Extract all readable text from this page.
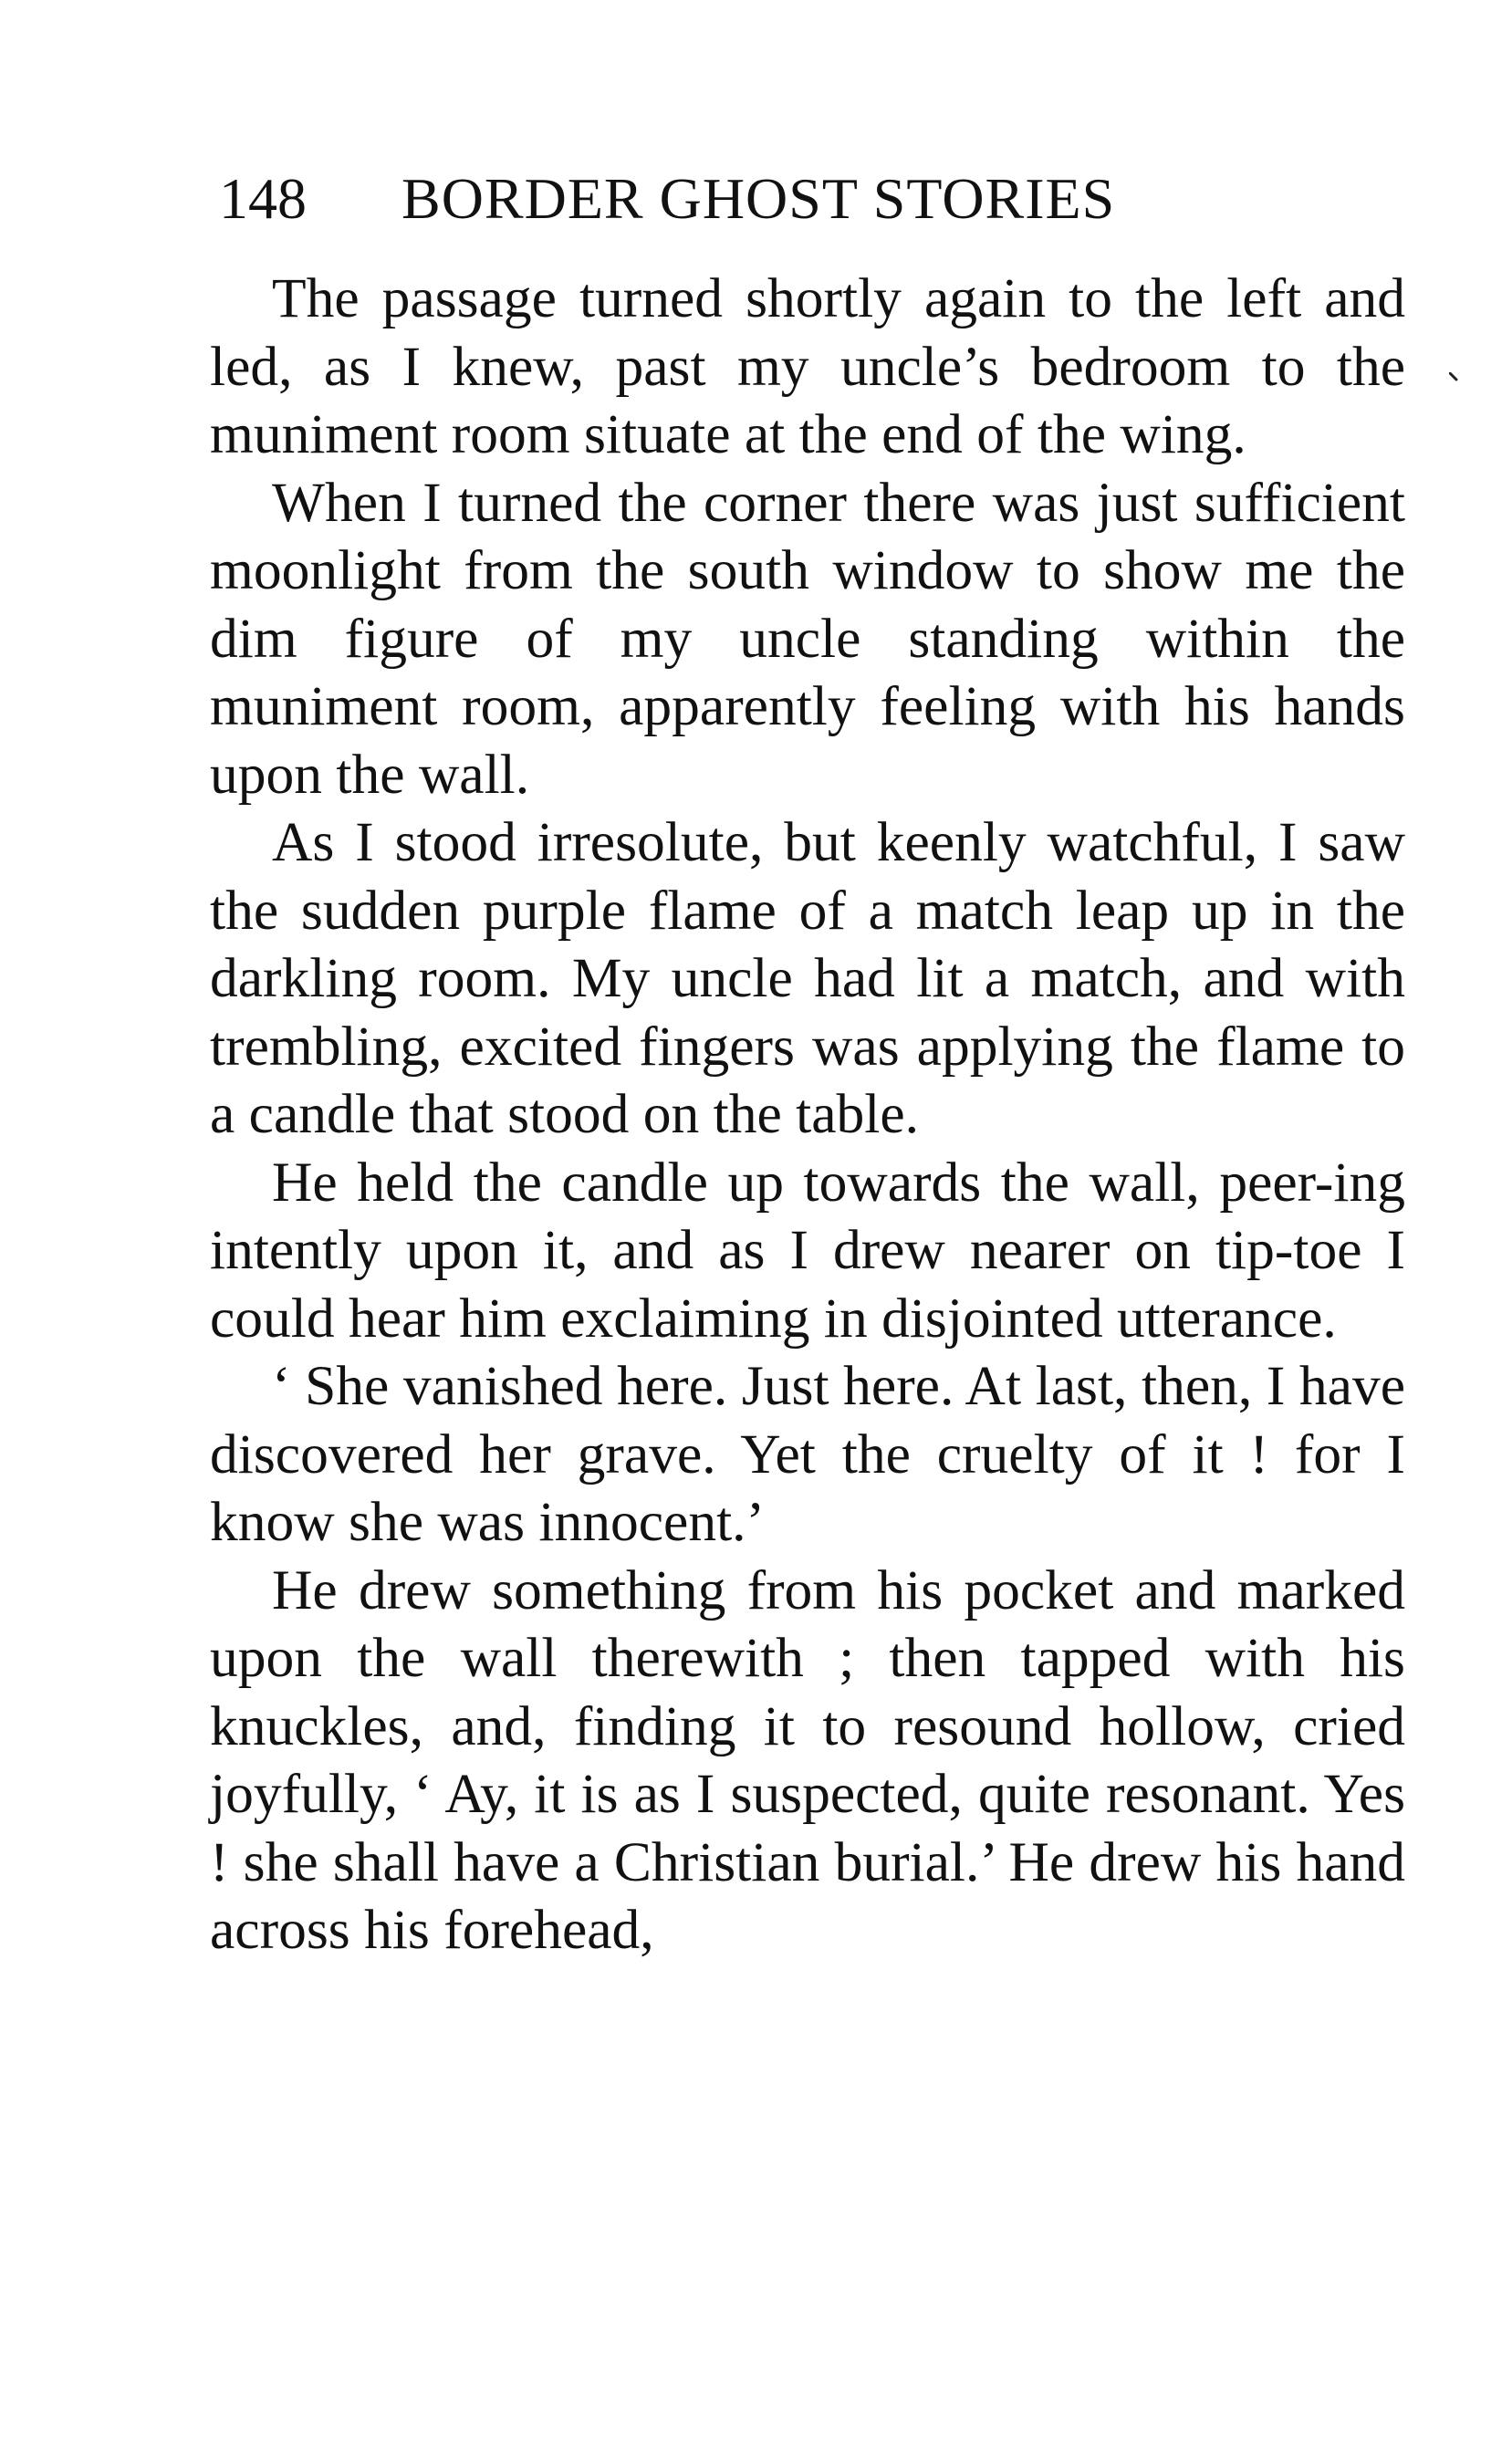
148 BORDER GHOST STORIES

The passage turned shortly again to the left and led, as I knew, past my uncle’s bedroom to the muniment room situate at the end of the wing.

When I turned the corner there was just sufficient moonlight from the south window to show me the dim figure of my uncle standing within the muniment room, apparently feeling with his hands upon the wall.

As I stood irresolute, but keenly watchful, I saw the sudden purple flame of a match leap up in the darkling room. My uncle had lit a match, and with trembling, excited fingers was applying the flame to a candle that stood on the table.

He held the candle up towards the wall, peer-ing intently upon it, and as I drew nearer on tip-toe I could hear him exclaiming in disjointed utterance.

‘ She vanished here. Just here. At last, then, I have discovered her grave. Yet the cruelty of it ! for I know she was innocent.’

He drew something from his pocket and marked upon the wall therewith ; then tapped with his knuckles, and, finding it to resound hollow, cried joyfully, ‘ Ay, it is as I suspected, quite resonant. Yes ! she shall have a Christian burial.’ He drew his hand across his forehead,
